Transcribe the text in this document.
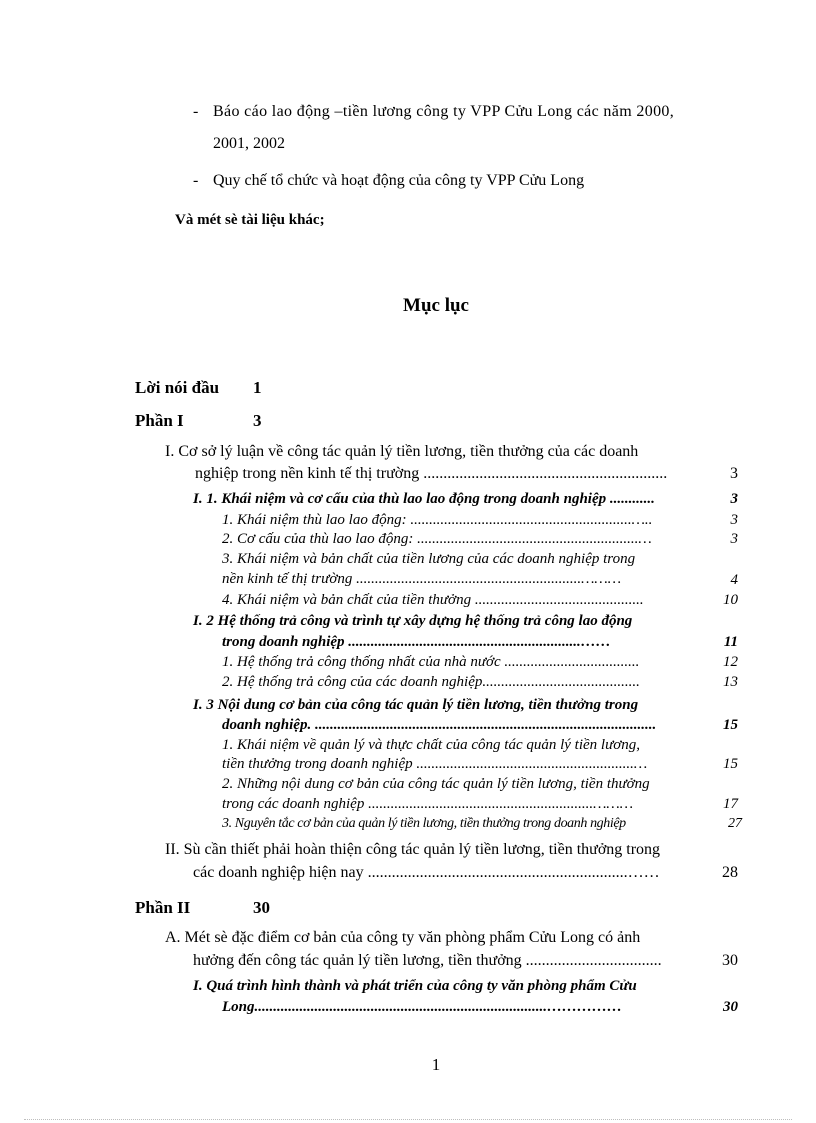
- Báo cáo lao động –tiền lương công ty VPP Cửu Long các năm 2000,
2001, 2002
- Quy chế tổ chức và hoạt động của công ty VPP Cửu Long
Và mét sè tài liệu khác;
Mục lục
Lời nói đầu 1
Phần I	3
I. Cơ sở lý luận về công tác quản lý tiền lương, tiền thưởng của các doanh
nghiệp trong nền kinh tế thị trường .............................................................	3
I. 1. Khái niệm và cơ cấu của thù lao lao động trong doanh nghiệp ............	3
1. Khái niệm thù lao lao động: ...........................................................…..	3
2. Cơ cấu của thù lao lao động: ...........................................................…	3
3. Khái niệm và bản chất của tiền lương của các doanh nghiệp trong
nền kinh tế thị trường ............................................................………	4
4. Khái niệm và bản chất của tiền thưởng .............................................	10
I. 2 Hệ thống trả công và trình tự xây dựng hệ thống trả công lao động
trong doanh nghiệp ..............................................................……	11
1. Hệ thống trả công thống nhất của nhà nước ....................................	12
2. Hệ thống trả công của các doanh nghiệp..........................................	13
I. 3 Nội dung cơ bản của công tác quản lý tiền lương, tiền thưởng trong
doanh nghiệp. ...........................................................................................	15
1. Khái niệm về quản lý và thực chất của công tác quản lý tiền lương,
tiền thưởng trong doanh nghiệp ..........................................................…	15
2. Những nội dung cơ bản của công tác quản lý tiền lương, tiền thưởng
trong các doanh nghiệp ............................................................………	17
3. Nguyên tắc cơ bản của quản lý tiền lương, tiền thưởng trong doanh nghiệp	27
II. Sù cần thiết phải hoàn thiện công tác quản lý tiền lương, tiền thưởng trong
các doanh nghiệp hiện nay .................................................................……	28
Phần II	30
A. Mét sè đặc điểm cơ bản của công ty văn phòng phẩm Cửu Long có ảnh
hưởng đến công tác quản lý tiền lương, tiền thưởng ..................................	30
I. Quá trình hình thành và phát triển của công ty văn phòng phẩm Cửu
Long..............................................................................……………	30
1
